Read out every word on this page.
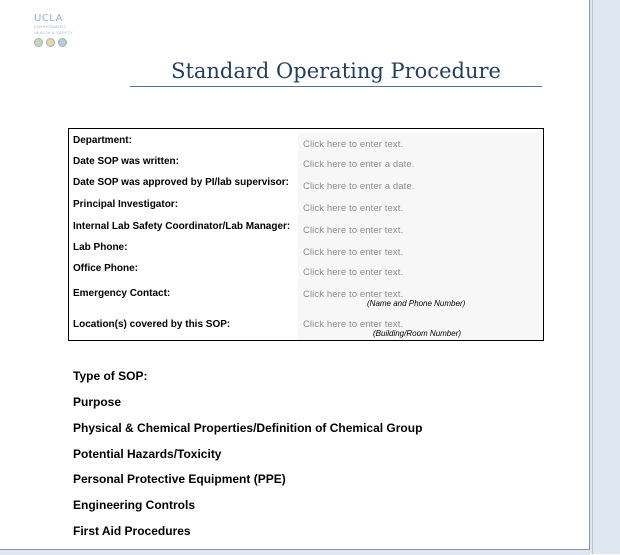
UCLA
ENVIRONMENT,
HEALTH & SAFETY
Standard Operating Procedure
Department:	Click here to enter text.
Date SOP was written:	Click here to enter a date.
Date SOP was approved by PI/lab supervisor:	Click here to enter a date.
Principal Investigator:	Click here to enter text.
Internal Lab Safety Coordinator/Lab Manager:	Click here to enter text.
Lab Phone:	Click here to enter text.
Office Phone:	Click here to enter text.
Emergency Contact:	Click here to enter text.
(Name and Phone Number)
Location(s) covered by this SOP:	Click here to enter text.
(Building/Room Number)
Type of SOP:
Purpose
Physical & Chemical Properties/Definition of Chemical Group
Potential Hazards/Toxicity
Personal Protective Equipment (PPE)
Engineering Controls
First Aid Procedures
